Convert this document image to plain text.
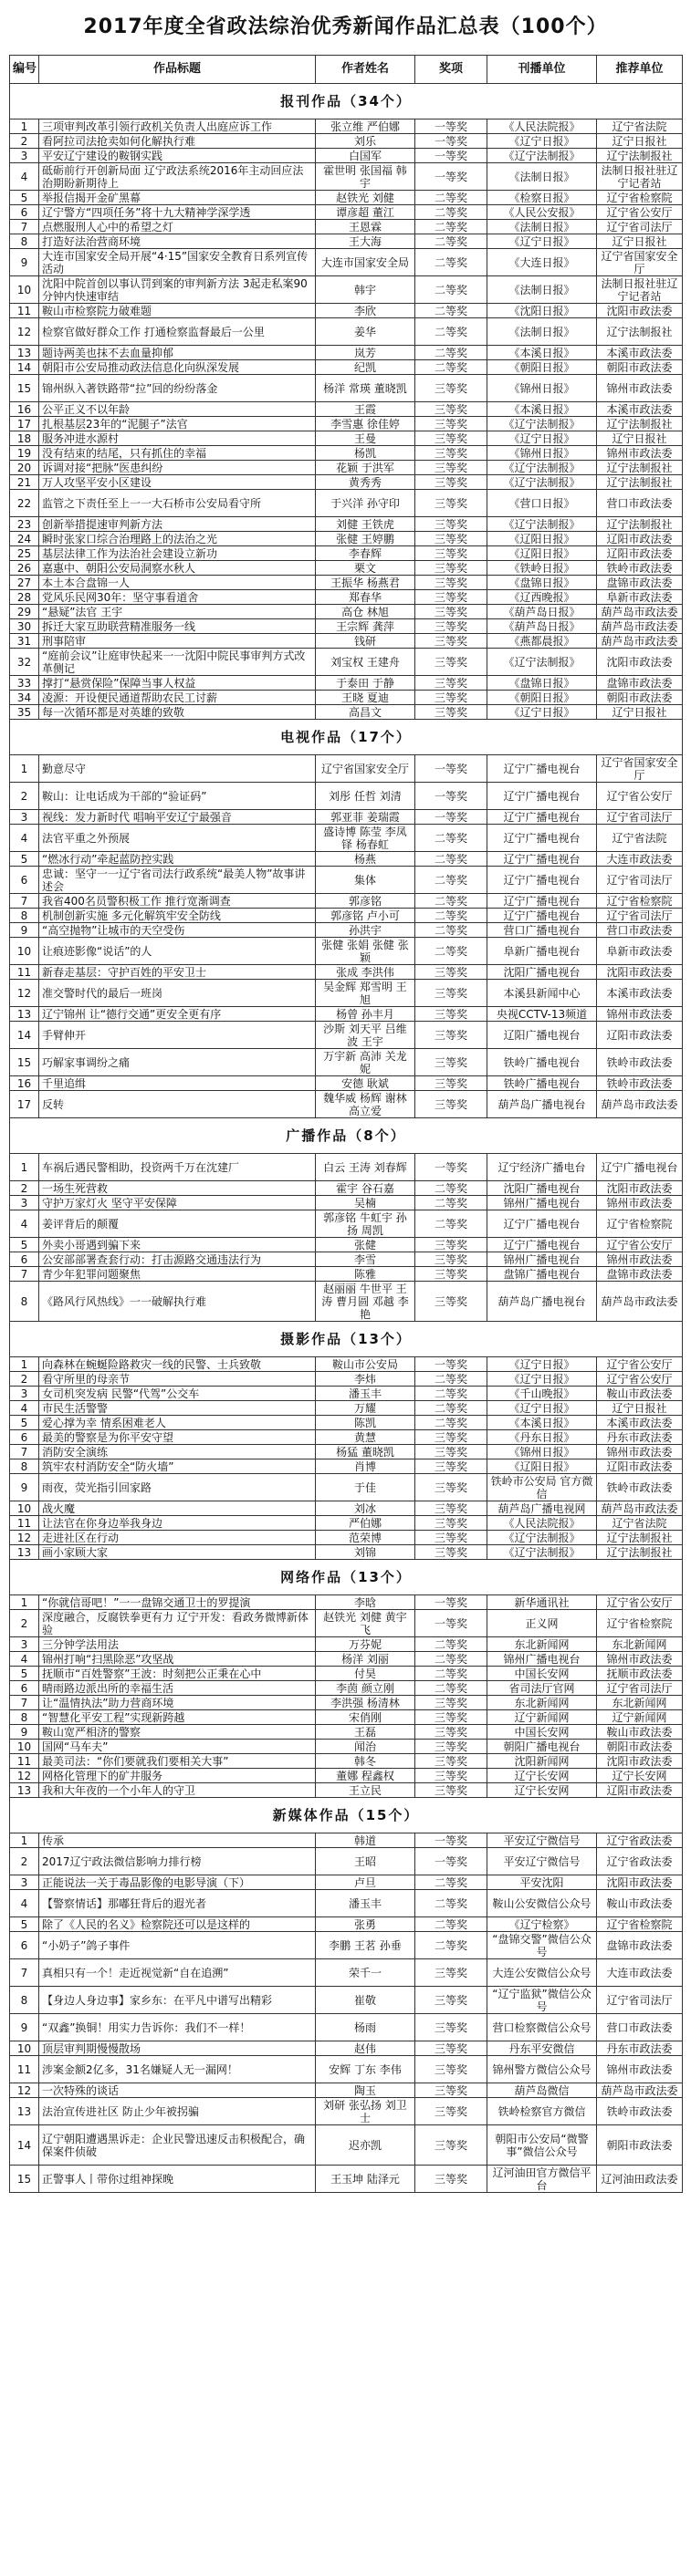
2017年度全省政法综治优秀新闻作品汇总表（100个）
编号	作品标题	作者姓名	奖项	刊播单位	推荐单位
报刊作品（34个）					
1	三项审判改革引领行政机关负责人出庭应诉工作	张立维 严伯娜	一等奖	《人民法院报》	辽宁省法院
2	看阿拉司法抢卖如何化解执行难	刘乐	一等奖	《辽宁日报》	辽宁日报社
3	平安辽宁建设的鞍钢实践	白国军	一等奖	《辽宁法制报》	辽宁法制报社
4	砥砺前行开创新局面 辽宁政法系统2016年主动回应法治期盼新期待上	霍世明 张国福 韩宇	一等奖	《法制日报》	法制日报社驻辽宁记者站
5	举报信揭开金矿黑幕	赵铁光 刘健	二等奖	《检察日报》	辽宁省检察院
6	辽宁警方“四项任务”将十九大精神学深学透	谭彦超 董江	二等奖	《人民公安报》	辽宁省公安厅
7	点燃服刑人心中的希望之灯	王恩霖	二等奖	《法制日报》	辽宁省司法厅
8	打造好法治营商环境	王大海	二等奖	《辽宁日报》	辽宁日报社
9	大连市国家安全局开展“4·15”国家安全教育日系列宣传活动	大连市国家安全局	二等奖	《大连日报》	辽宁省国家安全厅
10	沈阳中院首创以事认罚到案的审判新方法 3起走私案90分钟内快速审结	韩宇	二等奖	《法制日报》	法制日报社驻辽宁记者站
11	鞍山市检察院力破难题	李欣	二等奖	《沈阳日报》	沈阳市政法委
12	检察官做好群众工作 打通检察监督最后一公里	姜华	二等奖	《法制日报》	辽宁法制报社
13	题诗两美也抹不去血量抑郁	岚芳	二等奖	《本溪日报》	本溪市政法委
14	朝阳市公安局推动政法信息化向纵深发展	纪凯	二等奖	《朝阳日报》	朝阳市政法委
15	锦州纵入著铁路带“拉”回的纷纷落金	杨洋 常瑛 董晓凯	三等奖	《锦州日报》	锦州市政法委
16	公平正义不以年龄	王霞	三等奖	《本溪日报》	本溪市政法委
17	扎根基层23年的“泥腿子”法官	李雪惠 徐佳婷	三等奖	《辽宁法制报》	辽宁法制报社
18	服务冲进水源村	王曼	三等奖	《辽宁日报》	辽宁日报社
19	没有结束的结尾，只有抓住的幸福	杨凯	三等奖	《锦州日报》	锦州市政法委
20	诉调对接“把脉”医患纠纷	花颖 于洪军	三等奖	《辽宁法制报》	辽宁法制报社
21	万人攻坚平安小区建设	黄秀秀	三等奖	《辽宁法制报》	辽宁法制报社
22	监管之下责任至上一一大石桥市公安局看守所	于兴洋 孙守印	三等奖	《营口日报》	营口市政法委
23	创新举措提速审判新方法	刘健 王铁虎	三等奖	《辽宁法制报》	辽宁法制报社
24	瞬时张家口综合治理路上的法治之光	张健 王婷鹏	三等奖	《辽阳日报》	辽阳市政法委
25	基层法律工作为法治社会建设立新功	李春辉	三等奖	《辽阳日报》	辽阳市政法委
26	嘉惠中、朝阳公安局洞察水秋人	栗文	三等奖	《铁岭日报》	铁岭市政法委
27	本土本合盘锦一人	王振华 杨燕君	三等奖	《盘锦日报》	盘锦市政法委
28	党风乐民网30年：坚守事看道舍	郑春华	三等奖	《辽西晚报》	阜新市政法委
29	“悬疑”法官 王宇	高仓 林旭	三等奖	《葫芦岛日报》	葫芦岛市政法委
30	拆迁大家互助联营精准服务一线	王宗辉 龚萍	三等奖	《葫芦岛日报》	葫芦岛市政法委
31	刑事陪审	钱研	三等奖	《燕都晨报》	葫芦岛市政法委
32	“庭前会议”让庭审快起来一一沈阳中院民事审判方式改革侧记	刘宝权 王建舟	三等奖	《辽宁法制报》	沈阳市政法委
33	撑打“悬赏保险”保障当事人权益	于泰田 于静	三等奖	《盘锦日报》	盘锦市政法委
34	凌源：开设便民通道帮助农民工讨薪	王晓 夏迪	三等奖	《朝阳日报》	朝阳市政法委
35	每一次循环都是对英雄的致敬	高昌文	三等奖	《辽宁日报》	辽宁日报社
电视作品（17个）					
1	勤意尽守	辽宁省国家安全厅	一等奖	辽宁广播电视台	辽宁省国家安全厅
2	鞍山：让电话成为干部的“验证码”	刘彤 任哲 刘清	一等奖	辽宁广播电视台	辽宁省公安厅
3	视线：发力新时代 唱响平安辽宁最强音	郭亚菲 姜瑞霞	一等奖	辽宁广播电视台	辽宁省司法厅
4	法官平重之外预展	盛诗博 陈莹 李凤铎 杨春虹	二等奖	辽宁广播电视台	辽宁省法院
5	“燃冰行动”牵起蓝防控实践	杨燕	二等奖	辽宁广播电视台	大连市政法委
6	忠诚：坚守一一辽宁省司法行政系统“最美人物”故事讲述会	集体	二等奖	辽宁广播电视台	辽宁省司法厅
7	我省400名员警积极工作 推行宽渐调查	郭彦铭	二等奖	辽宁广播电视台	辽宁省检察院
8	机制创新实施 多元化解筑牢安全防线	郭彦铭 卢小可	二等奖	辽宁广播电视台	辽宁省司法厅
9	“高空抛物”让城市的天空受伤	孙洪宇	二等奖	营口广播电视台	营口市政法委
10	让痕迹影像“说话”的人	张健 张娟 张健 张颖	二等奖	阜新广播电视台	阜新市政法委
11	新春走基层：守护百姓的平安卫士	张成 李洪伟	三等奖	沈阳广播电视台	沈阳市政法委
12	准交警时代的最后一班岗	吴金辉 郑雪明 王旭	三等奖	本溪县新闻中心	本溪市政法委
13	辽宁锦州 让“德行交通”更安全更有序	杨曾 孙丰月	三等奖	央视CCTV-13频道	锦州市政法委
14	手臂伸开	沙斯 刘天平 吕维波 王宇	三等奖	辽阳广播电视台	辽阳市政法委
15	巧解家事调纷之痛	万宇新 高沛 关龙妮	三等奖	铁岭广播电视台	铁岭市政法委
16	千里追缉	安德 耿斌	三等奖	铁岭广播电视台	铁岭市政法委
17	反转	魏华威 杨辉 谢林 高立爱	三等奖	葫芦岛广播电视台	葫芦岛市政法委
广播作品（8个）					
1	车祸后遇民警相助，投资两千万在沈建厂	白云 王涛 刘春辉	一等奖	辽宁经济广播电台	辽宁广播电视台
2	一场生死营救	霍宇 谷石嘉	二等奖	沈阳广播电视台	沈阳市政法委
3	守护万家灯火 坚守平安保障	吴楠	二等奖	锦州广播电视台	锦州市政法委
4	姜评背后的颠覆	郭彦铭 牛虹宇 孙扬 周凯	二等奖	辽宁广播电视台	辽宁省检察院
5	外卖小哥遇到骗下来	张健	三等奖	辽宁广播电视台	辽宁省公安厅
6	公安部部署查套行动：打击源路交通违法行为	李雪	三等奖	锦州广播电视台	锦州市政法委
7	青少年犯罪问题聚焦	陈雅	三等奖	盘锦广播电视台	盘锦市政法委
8	《路风行风热线》一一破解执行难	赵丽丽 牛世平 王涛 曹月圆 邓越 李艳	三等奖	葫芦岛广播电视台	葫芦岛市政法委
摄影作品（13个）					
1	向森林在蜿蜒险路救灾一线的民警、士兵致敬	鞍山市公安局	一等奖	《辽宁日报》	辽宁省公安厅
2	看守所里的母亲节	李炜	二等奖	《辽宁日报》	辽宁省公安厅
3	女司机突发病 民警“代驾”公交车	潘玉丰	二等奖	《千山晚报》	鞍山市政法委
4	市民生活警警	万耀	二等奖	《辽宁日报》	辽宁日报社
5	爱心撑为幸 情系困难老人	陈凯	二等奖	《本溪日报》	本溪市政法委
6	最美的警察是为你平安守望	黄慧	三等奖	《丹东日报》	丹东市政法委
7	消防安全演练	杨猛 董晓凯	三等奖	《锦州日报》	锦州市政法委
8	筑牢农村消防安全“防火墙”	肖博	三等奖	《辽阳日报》	辽阳市政法委
9	雨夜，荧光指引回家路	于佳	三等奖	铁岭市公安局 官方微信	铁岭市政法委
10	战火魔	刘冰	三等奖	葫芦岛广播电视网	葫芦岛市政法委
11	让法官在你身边举我身边	严伯娜	三等奖	《人民法院报》	辽宁省法院
12	走进社区在行动	范荣博	三等奖	《辽宁法制报》	辽宁法制报社
13	画小家顾大家	刘锦	三等奖	《辽宁法制报》	辽宁法制报社
网络作品（13个）					
1	“你就信哥吧！”一一盘锦交通卫士的罗提演	李晗	一等奖	新华通讯社	辽宁省公安厅
2	深度融合，反腐铁拳更有力 辽宁开发：看政务微博新体验	赵铁光 刘健 黄宇飞	一等奖	正义网	辽宁省检察院
3	三分钟学法用法	万芬妮	二等奖	东北新闻网	东北新闻网
4	锦州打响“扫黑除恶”攻坚战	杨洋 刘丽	二等奖	锦州广播电视台	锦州市政法委
5	抚顺市“百姓警察”王波：时刻把公正秉在心中	付昊	二等奖	中国长安网	抚顺市政法委
6	晴雨路边派出所的幸福生活	李茵 颜立刚	二等奖	省司法厅官网	辽宁省司法厅
7	让“温情执法”助力营商环境	李洪强 杨清林	三等奖	东北新闻网	东北新闻网
8	“智慧化平安工程”实现新跨越	宋俏刚	三等奖	辽宁新闻网	辽宁新闻网
9	鞍山宽严相济的警察	王磊	三等奖	中国长安网	鞍山市政法委
10	国网“马车夫”	闻治	三等奖	朝阳广播电视台	朝阳市政法委
11	最美司法：“你们要就我们要相关大事”	韩冬	三等奖	沈阳新闻网	沈阳市政法委
12	网格化管理下的矿井服务	董娜 程鑫权	三等奖	辽宁长安网	辽宁长安网
13	我和大年夜的一个小年人的守卫	王立民	三等奖	辽宁长安网	辽阳市政法委
新媒体作品（15个）					
1	传承	韩道	一等奖	平安辽宁微信号	辽宁省政法委
2	2017辽宁政法微信影响力排行榜	王昭	一等奖	平安辽宁微信号	辽宁省政法委
3	正能说法一关于毒品影像的电影导演（下）	卢旦	二等奖	平安沈阳	沈阳市政法委
4	【警察情话】那嘟狂背后的遐光者	潘玉丰	二等奖	鞍山公安微信公众号	鞍山市政法委
5	除了《人民的名义》检察院还可以是这样的	张勇	二等奖	《辽宁检察》	辽宁省检察院
6	“小奶子”鸽子事件	李鹏 王茗 孙垂	二等奖	“盘锦交警”微信公众号	盘锦市政法委
7	真相只有一个！走近视觉新“自在追溯”	荣千一	三等奖	大连公安微信公众号	大连市政法委
8	【身边人身边事】家乡东：在平凡中谱写出精彩	崔敬	三等奖	“辽宁监狱”微信公众号	辽宁省司法厅
9	“双鑫”换铜！用实力告诉你：我们不一样！	杨雨	三等奖	营口检察微信公众号	营口市政法委
10	顶层审判期慢慢散场	赵伟	三等奖	丹东平安微信	丹东市政法委
11	涉案金额2亿多，31名嫌疑人无一漏网！	安辉 丁东 李伟	三等奖	锦州警方微信公众号	锦州市政法委
12	一次特殊的谈话	陶玉	三等奖	葫芦岛微信	葫芦岛市政法委
13	法治宣传进社区 防止少年被拐骗	刘研 张弘扬 刘卫士	三等奖	铁岭检察官方微信	铁岭市政法委
14	辽宁朝阳遭遇黑诉走：企业民警迅速反击积极配合，确保案件侦破	迟亦凯	三等奖	朝阳市公安局“微警事”微信公众号	朝阳市政法委
15	正警事人丨带你过组神探晚	王玉坤 陆泽元	三等奖	辽河油田官方微信平台	辽河油田政法委
